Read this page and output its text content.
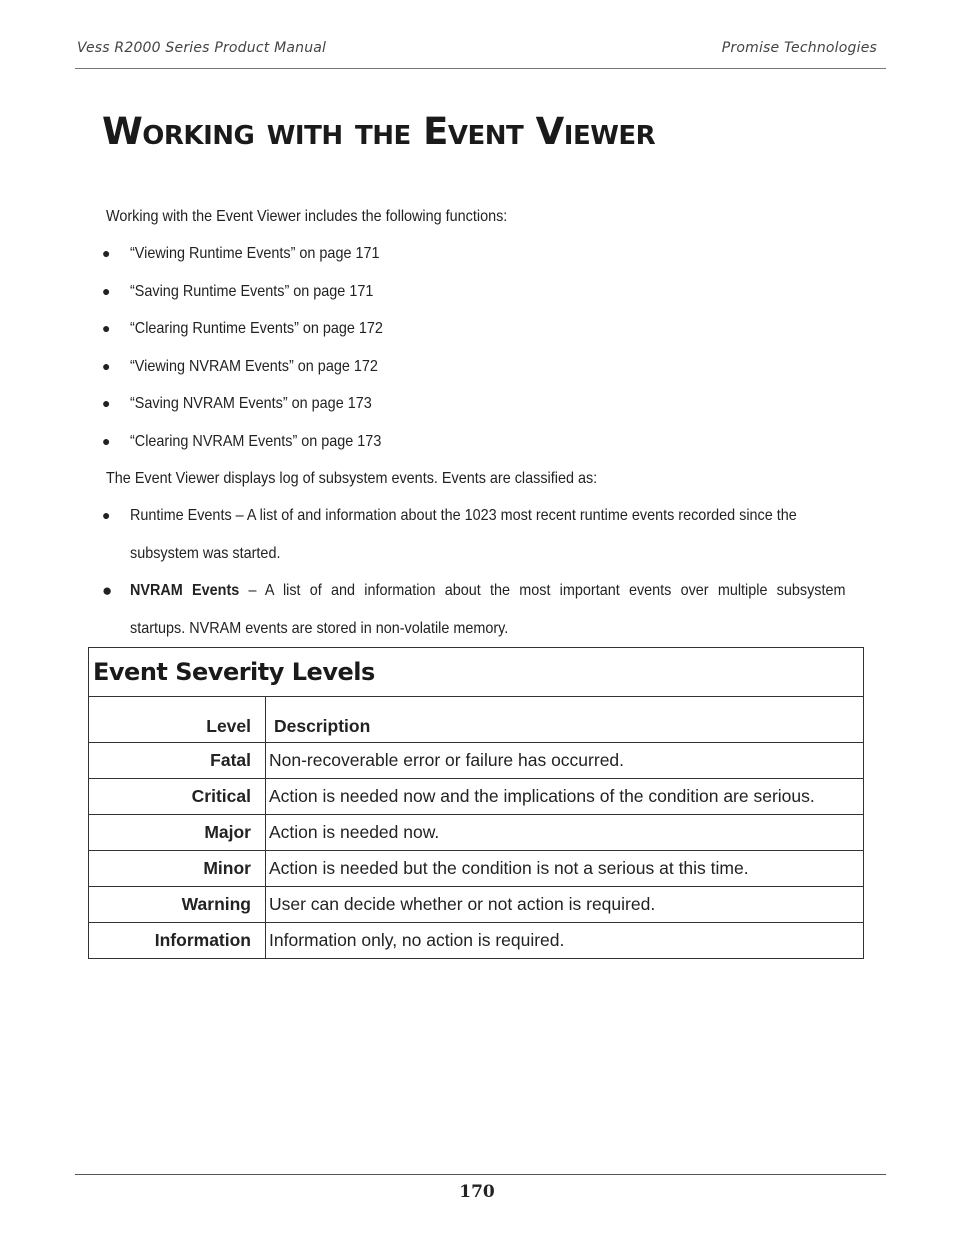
Vess R2000 Series Product Manual	Promise Technologies
Working with the Event Viewer
Working with the Event Viewer includes the following functions:
● “Viewing Runtime Events” on page 171
● “Saving Runtime Events” on page 171
● “Clearing Runtime Events” on page 172
● “Viewing NVRAM Events” on page 172
● “Saving NVRAM Events” on page 173
● “Clearing NVRAM Events” on page 173
The Event Viewer displays log of subsystem events. Events are classified as:
● Runtime Events – A list of and information about the 1023 most recent runtime events recorded since the
subsystem was started.
● NVRAM Events – A list of and information about the most important events over multiple subsystem
startups. NVRAM events are stored in non-volatile memory.
Event Severity Levels	
Level	Description
Fatal	Non-recoverable error or failure has occurred.
Critical	Action is needed now and the implications of the condition are serious.
Major	Action is needed now.
Minor	Action is needed but the condition is not a serious at this time.
Warning	User can decide whether or not action is required.
Information	Information only, no action is required.
170
